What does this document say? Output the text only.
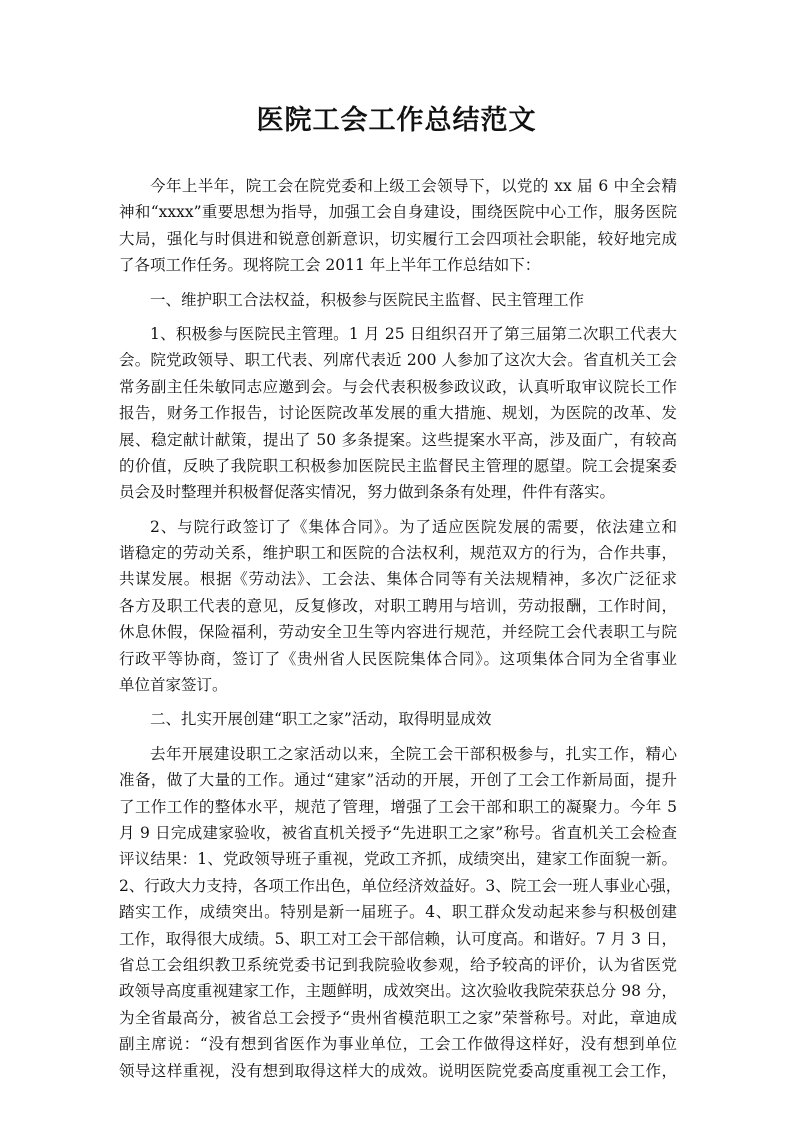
医院工会工作总结范文
今年上半年，院工会在院党委和上级工会领导下，以党的 xx 届 6 中全会精
神和“xxxx”重要思想为指导，加强工会自身建设，围绕医院中心工作，服务医院
大局，强化与时俱进和锐意创新意识，切实履行工会四项社会职能，较好地完成
了各项工作任务。现将院工会 2011 年上半年工作总结如下：
一、维护职工合法权益，积极参与医院民主监督、民主管理工作
1、积极参与医院民主管理。1 月 25 日组织召开了第三届第二次职工代表大
会。院党政领导、职工代表、列席代表近 200 人参加了这次大会。省直机关工会
常务副主任朱敏同志应邀到会。与会代表积极参政议政，认真听取审议院长工作
报告，财务工作报告，讨论医院改革发展的重大措施、规划，为医院的改革、发
展、稳定献计献策，提出了 50 多条提案。这些提案水平高，涉及面广，有较高
的价值，反映了我院职工积极参加医院民主监督民主管理的愿望。院工会提案委
员会及时整理并积极督促落实情况，努力做到条条有处理，件件有落实。
2、与院行政签订了《集体合同》。为了适应医院发展的需要，依法建立和
谐稳定的劳动关系，维护职工和医院的合法权利，规范双方的行为，合作共事，
共谋发展。根据《劳动法》、工会法、集体合同等有关法规精神，多次广泛征求
各方及职工代表的意见，反复修改，对职工聘用与培训，劳动报酬，工作时间，
休息休假，保险福利，劳动安全卫生等内容进行规范，并经院工会代表职工与院
行政平等协商，签订了《贵州省人民医院集体合同》。这项集体合同为全省事业
单位首家签订。
二、扎实开展创建“职工之家”活动，取得明显成效
去年开展建设职工之家活动以来，全院工会干部积极参与，扎实工作，精心
准备，做了大量的工作。通过“建家”活动的开展，开创了工会工作新局面，提升
了工作工作的整体水平，规范了管理，增强了工会干部和职工的凝聚力。今年 5
月 9 日完成建家验收，被省直机关授予“先进职工之家”称号。省直机关工会检查
评议结果：1、党政领导班子重视，党政工齐抓，成绩突出，建家工作面貌一新。
2、行政大力支持，各项工作出色，单位经济效益好。3、院工会一班人事业心强，
踏实工作，成绩突出。特别是新一届班子。4、职工群众发动起来参与积极创建
工作，取得很大成绩。5、职工对工会干部信赖，认可度高。和谐好。7 月 3 日，
省总工会组织教卫系统党委书记到我院验收参观，给予较高的评价，认为省医党
政领导高度重视建家工作，主题鲜明，成效突出。这次验收我院荣获总分 98 分，
为全省最高分，被省总工会授予“贵州省模范职工之家”荣誉称号。对此，章迪成
副主席说：“没有想到省医作为事业单位，工会工作做得这样好，没有想到单位
领导这样重视，没有想到取得这样大的成效。说明医院党委高度重视工会工作，
